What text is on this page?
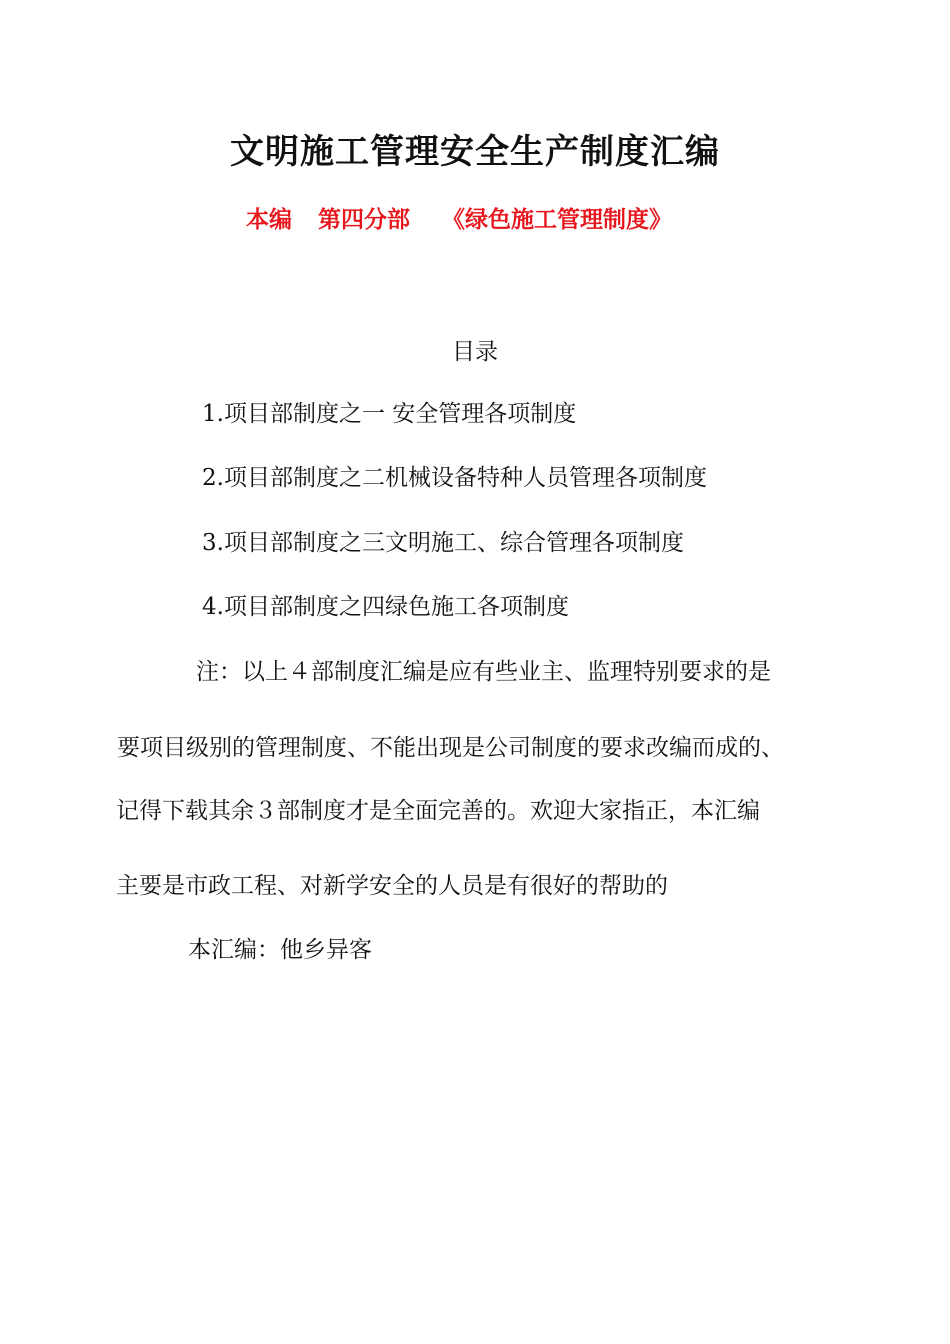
文明施工管理安全生产制度汇编
本编 第四分部 《绿色施工管理制度》
目录
1.项目部制度之一 安全管理各项制度
2.项目部制度之二机械设备特种人员管理各项制度
3.项目部制度之三文明施工、综合管理各项制度
4.项目部制度之四绿色施工各项制度
注：以上４部制度汇编是应有些业主、监理特别要求的是
要项目级别的管理制度、不能出现是公司制度的要求改编而成的、
记得下载其余３部制度才是全面完善的。欢迎大家指正，本汇编
主要是市政工程、对新学安全的人员是有很好的帮助的
本汇编：他乡异客
